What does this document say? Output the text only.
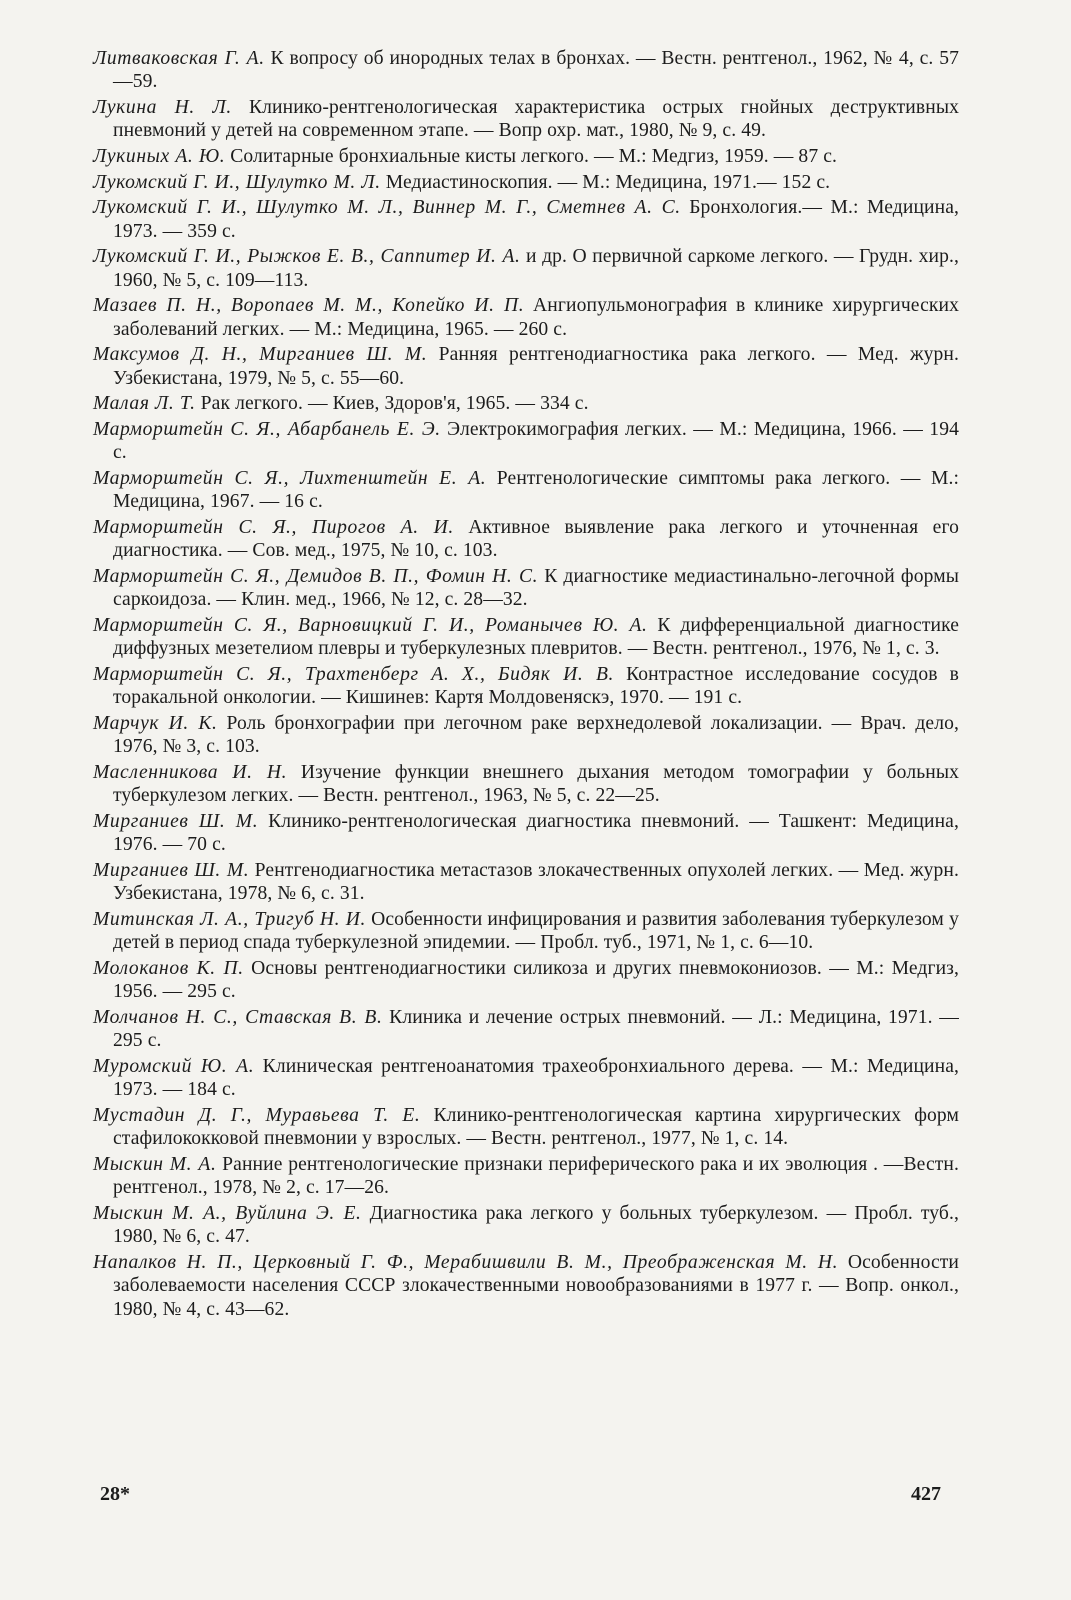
Литваковская Г. А. К вопросу об инородных телах в бронхах. — Вестн. рентгенол., 1962, № 4, с. 57—59.
Лукина Н. Л. Клинико-рентгенологическая характеристика острых гнойных деструктивных пневмоний у детей на современном этапе. — Вопр охр. мат., 1980, № 9, с. 49.
Лукиных А. Ю. Солитарные бронхиальные кисты легкого. — М.: Медгиз, 1959. — 87 с.
Лукомский Г. И., Шулутко М. Л. Медиастиноскопия. — М.: Медицина, 1971.— 152 с.
Лукомский Г. И., Шулутко М. Л., Виннер М. Г., Сметнев А. С. Бронхология.— М.: Медицина, 1973. — 359 с.
Лукомский Г. И., Рыжков Е. В., Саппитер И. А. и др. О первичной саркоме легкого. — Грудн. хир., 1960, № 5, с. 109—113.
Мазаев П. Н., Воропаев М. М., Копейко И. П. Ангиопульмонография в клинике хирургических заболеваний легких. — М.: Медицина, 1965. — 260 с.
Максумов Д. Н., Мирганиев Ш. М. Ранняя рентгенодиагностика рака легкого. — Мед. журн. Узбекистана, 1979, № 5, с. 55—60.
Малая Л. Т. Рак легкого. — Киев, Здоров'я, 1965. — 334 с.
Марморштейн С. Я., Абарбанель Е. Э. Электрокимография легких. — М.: Медицина, 1966. — 194 с.
Марморштейн С. Я., Лихтенштейн Е. А. Рентгенологические симптомы рака легкого. — М.: Медицина, 1967. — 16 с.
Марморштейн С. Я., Пирогов А. И. Активное выявление рака легкого и уточненная его диагностика. — Сов. мед., 1975, № 10, с. 103.
Марморштейн С. Я., Демидов В. П., Фомин Н. С. К диагностике медиастинально-легочной формы саркоидоза. — Клин. мед., 1966, № 12, с. 28—32.
Марморштейн С. Я., Варновицкий Г. И., Романычев Ю. А. К дифференциальной диагностике диффузных мезетелиом плевры и туберкулезных плевритов. — Вестн. рентгенол., 1976, № 1, с. 3.
Марморштейн С. Я., Трахтенберг А. Х., Бидяк И. В. Контрастное исследование сосудов в торакальной онкологии. — Кишинев: Картя Молдовеняскэ, 1970. — 191 с.
Марчук И. К. Роль бронхографии при легочном раке верхнедолевой локализации. — Врач. дело, 1976, № 3, с. 103.
Масленникова И. Н. Изучение функции внешнего дыхания методом томографии у больных туберкулезом легких. — Вестн. рентгенол., 1963, № 5, с. 22—25.
Мирганиев Ш. М. Клинико-рентгенологическая диагностика пневмоний. — Ташкент: Медицина, 1976. — 70 с.
Мирганиев Ш. М. Рентгенодиагностика метастазов злокачественных опухолей легких. — Мед. журн. Узбекистана, 1978, № 6, с. 31.
Митинская Л. А., Тригуб Н. И. Особенности инфицирования и развития заболевания туберкулезом у детей в период спада туберкулезной эпидемии. — Пробл. туб., 1971, № 1, с. 6—10.
Молоканов К. П. Основы рентгенодиагностики силикоза и других пневмокониозов. — М.: Медгиз, 1956. — 295 с.
Молчанов Н. С., Ставская В. В. Клиника и лечение острых пневмоний. — Л.: Медицина, 1971. — 295 с.
Муромский Ю. А. Клиническая рентгеноанатомия трахеобронхиального дерева. — М.: Медицина, 1973. — 184 с.
Мустадин Д. Г., Муравьева Т. Е. Клинико-рентгенологическая картина хирургических форм стафилококковой пневмонии у взрослых. — Вестн. рентгенол., 1977, № 1, с. 14.
Мыскин М. А. Ранние рентгенологические признаки периферического рака и их эволюция . —Вестн. рентгенол., 1978, № 2, с. 17—26.
Мыскин М. А., Вуйлина Э. Е. Диагностика рака легкого у больных туберкулезом. — Пробл. туб., 1980, № 6, с. 47.
Напалков Н. П., Церковный Г. Ф., Мерабишвили В. М., Преображенская М. Н. Особенности заболеваемости населения СССР злокачественными новообразованиями в 1977 г. — Вопр. онкол., 1980, № 4, с. 43—62.
28*	427
